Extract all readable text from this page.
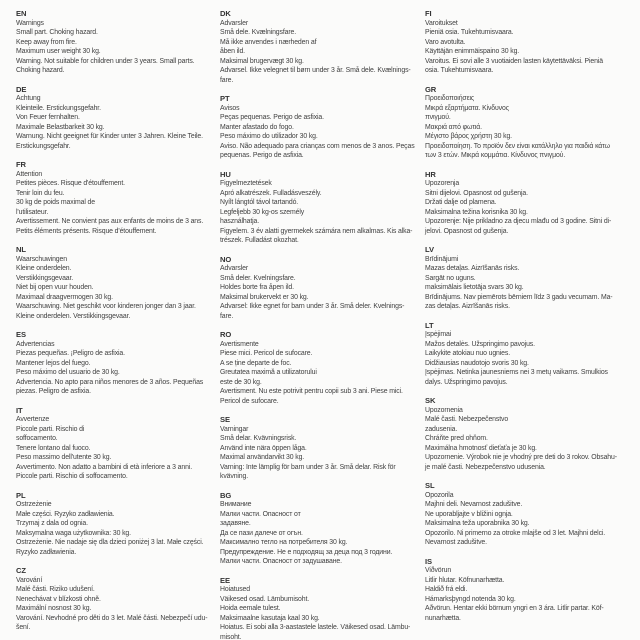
EN
Warnings
Small part. Choking hazard.
Keep away from fire.
Maximum user weight 30 kg.
Warning. Not suitable for children under 3 years. Small parts.
Choking hazard.
DE
Achtung
Kleinteile. Erstickungsgefahr.
Von Feuer fernhalten.
Maximale Belastbarkeit 30 kg.
Warnung. Nicht geeignet für Kinder unter 3 Jahren. Kleine Teile.
Erstickungsgefahr.
FR
Attention
Petites pièces. Risque d'étouffement.
Tenir loin du feu.
30 kg de poids maximal de
l'utilisateur.
Avertissement. Ne convient pas aux enfants de moins de 3 ans.
Petits éléments présents. Risque d'étouffement.
NL
Waarschuwingen
Kleine onderdelen.
Verstikkingsgevaar.
Niet bij open vuur houden.
Maximaal draagvermogen 30 kg.
Waarschuwing. Niet geschikt voor kinderen jonger dan 3 jaar.
Kleine onderdelen. Verstikkingsgevaar.
ES
Advertencias
Piezas pequeñas. ¡Peligro de asfixia.
Mantener lejos del fuego.
Peso máximo del usuario de 30 kg.
Advertencia. No apto para niños menores de 3 años. Pequeñas
piezas. Peligro de asfixia.
IT
Avvertenze
Piccole parti. Rischio di
soffocamento.
Tenere lontano dal fuoco.
Peso massimo dell'utente 30 kg.
Avvertimento. Non adatto a bambini di età inferiore a 3 anni.
Piccole parti. Rischio di soffocamento.
PL
Ostrzeżenie
Małe części. Ryzyko zadławienia.
Trzymaj z dala od ognia.
Maksymalna waga użytkownika: 30 kg.
Ostrzeżenie. Nie nadaje się dla dzieci poniżej 3 lat. Małe części.
Ryzyko zadławienia.
CZ
Varování
Malé části. Riziko udušení.
Nenechávat v blízkosti ohně.
Maximální nosnost 30 kg.
Varování. Nevhodné pro děti do 3 let. Malé části. Nebezpečí udu-
šení.
DK
Advarsler
Små dele. Kvælningsfare.
Må ikke anvendes i nærheden af
åben ild.
Maksimal brugervægt 30 kg.
Advarsel. Ikke velegnet til børn under 3 år. Små dele. Kvælnings-
fare.
PT
Avisos
Peças pequenas. Perigo de asfixia.
Manter afastado do fogo.
Peso máximo do utilizador 30 kg.
Aviso. Não adequado para crianças com menos de 3 anos. Peças
pequenas. Perigo de asfixia.
HU
Figyelmeztetések
Apró alkatrészek. Fulladásveszély.
Nyílt lángtól távol tartandó.
Legfeljebb 30 kg-os személy
használhatja.
Figyelem. 3 év alatti gyermekek számára nem alkalmas. Kis alka-
trészek. Fulladást okozhat.
NO
Advarsler
Små deler. Kvelningsfare.
Holdes borte fra åpen ild.
Maksimal brukervekt er 30 kg.
Advarsel: Ikke egnet for barn under 3 år. Små deler. Kvelnings-
fare.
RO
Avertismente
Piese mici. Pericol de sufocare.
A se ține departe de foc.
Greutatea maximă a utilizatorului
este de 30 kg.
Avertisment. Nu este potrivit pentru copii sub 3 ani. Piese mici.
Pericol de sufocare.
SE
Varningar
Små delar. Kvävningsrisk.
Använd inte nära öppen låga.
Maximal användarvikt 30 kg.
Varning: Inte lämplig för barn under 3 år. Små delar. Risk för
kvävning.
BG
Внимание
Малки части. Опасност от
задавяне.
Да се пази далече от огън.
Максимално тегло на потребителя 30 kg.
Предупреждение. Не е подходящ за деца под 3 години.
Малки части. Опасност от задушаване.
EE
Hoiatused
Väikesed osad. Lämbumisoht.
Hoida eemale tulest.
Maksimaalne kasutaja kaal 30 kg.
Hoiatus. Ei sobi alla 3-aastastele lastele. Väikesed osad. Lämbu-
misoht.
FI
Varoitukset
Pieniä osia. Tukehtumisvaara.
Varo avotulta.
Käyttäjän enimmäispaino 30 kg.
Varoitus. Ei sovi alle 3 vuotiaiden lasten käytettäväksi. Pieniä
osia. Tukehtumisvaara.
GR
Προειδοποιήσεις
Μικρά εξαρτήματα. Κίνδυνος
πνιγμού.
Μακριά από φωτιά.
Μέγιστο βάρος χρήστη 30 kg.
Προειδοποίηση. Το προϊόν δεν είναι κατάλληλο για παιδιά κάτω
των 3 ετών. Μικρά κομμάτια. Κίνδυνος πνιγμού.
HR
Upozorenja
Sitni dijelovi. Opasnost od gušenja.
Držati dalje od plamena.
Maksimalna težina korisnika 30 kg.
Upozorenje: Nije prikladno za djecu mlađu od 3 godine. Sitni di-
jelovi. Opasnost od gušenja.
LV
Brīdinājumi
Mazas detaļas. Aizrīšanās risks.
Sargāt no uguns.
maksimālais lietotāja svars 30 kg.
Brīdinājums. Nav piemērots bērniem līdz 3 gadu vecumam. Ma-
zas detaļas. Aizrīšanās risks.
LT
Įspėjimai
Mažos detalės. Užspringimo pavojus.
Laikykite atokiau nuo ugnies.
Didžiausias naudotojo svoris 30 kg.
Įspėjimas. Netinka jaunesniems nei 3 metų vaikams. Smulkios
dalys. Užspringimo pavojus.
SK
Upozornenia
Malé časti. Nebezpečenstvo
zadusenia.
Chráňte pred ohňom.
Maximálna hmotnosť dieťaťa je 30 kg.
Upozornenie. Výrobok nie je vhodný pre deti do 3 rokov. Obsahu-
je malé časti. Nebezpečenstvo udusenia.
SL
Opozorila
Majhni deli. Nevarnost zadušitve.
Ne uporabljajte v bližini ognja.
Maksimalna teža uporabnika 30 kg.
Opozorilo. Ni primerno za otroke mlajše od 3 let. Majhni delci.
Nevarnost zadušitve.
IS
Viðvörun
Litlir hlutar. Köfnunarhætta.
Haldið frá eldi.
Hámarksþyngd notenda 30 kg.
Aðvörun. Hentar ekki börnum yngri en 3 ára. Litlir partar. Köf-
nunarhætta.
